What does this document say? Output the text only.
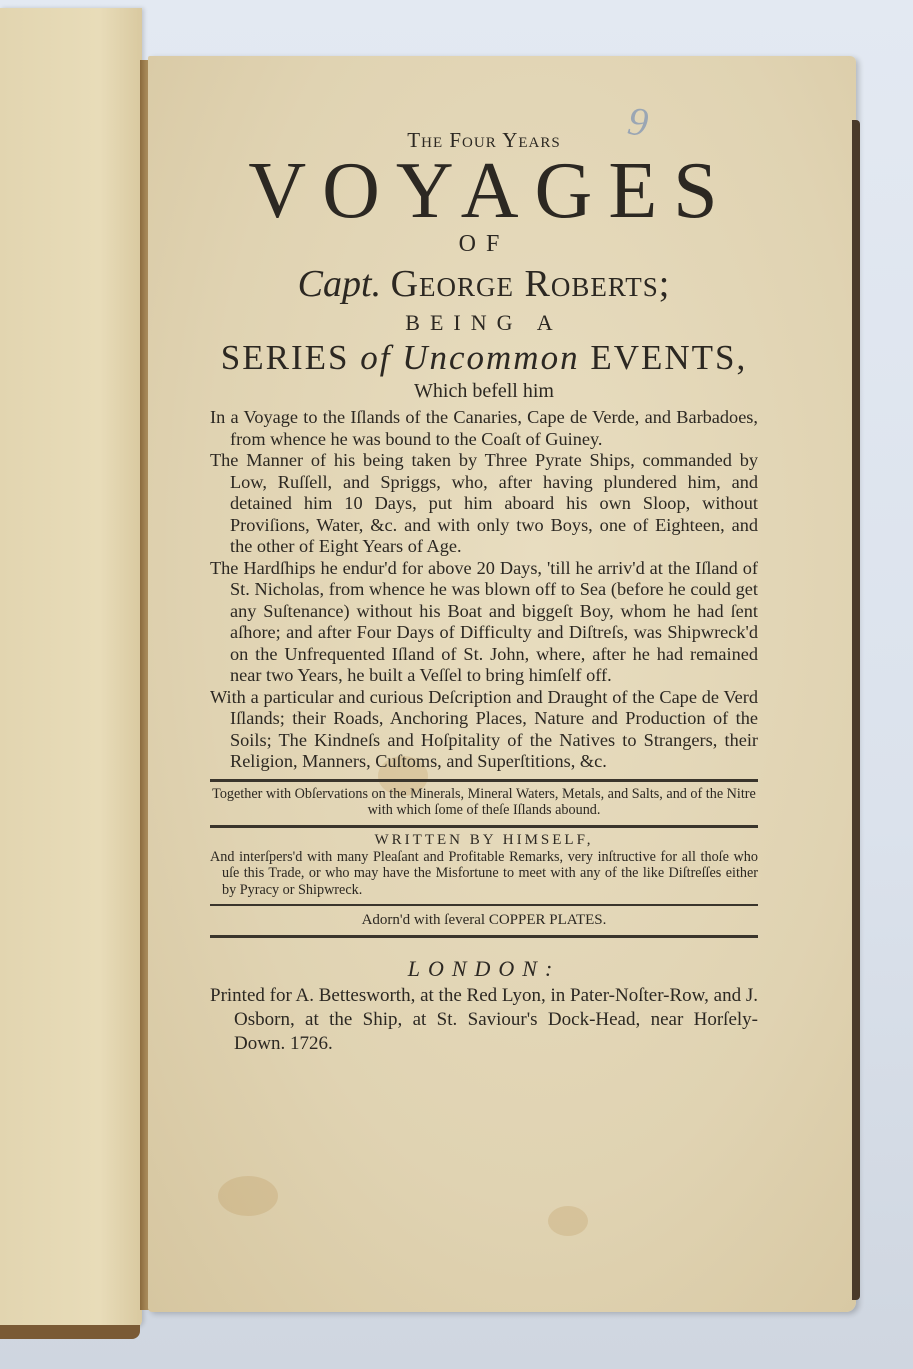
9
The Four Years
VOYAGES
OF
Capt. George Roberts;
BEING A
SERIES of Uncommon EVENTS,
Which befell him

In a Voyage to the Iſlands of the Canaries, Cape de Verde, and Barbadoes, from whence he was bound to the Coaſt of Guiney.

The Manner of his being taken by Three Pyrate Ships, commanded by Low, Ruſſell, and Spriggs, who, after having plundered him, and detained him 10 Days, put him aboard his own Sloop, without Proviſions, Water, &c. and with only two Boys, one of Eighteen, and the other of Eight Years of Age.

The Hardſhips he endur'd for above 20 Days, 'till he arriv'd at the Iſland of St. Nicholas, from whence he was blown off to Sea (before he could get any Suſtenance) without his Boat and biggeſt Boy, whom he had ſent aſhore; and after Four Days of Difficulty and Diſtreſs, was Shipwreck'd on the Unfrequented Iſland of St. John, where, after he had remained near two Years, he built a Veſſel to bring himſelf off.

With a particular and curious Deſcription and Draught of the Cape de Verd Iſlands; their Roads, Anchoring Places, Nature and Production of the Soils; The Kindneſs and Hoſpitality of the Natives to Strangers, their Religion, Manners, Cuſtoms, and Superſtitions, &c.

Together with Obſervations on the Minerals, Mineral Waters, Metals, and Salts, and of the Nitre with which ſome of theſe Iſlands abound.
WRITTEN BY HIMSELF,

And interſpers'd with many Pleaſant and Profitable Remarks, very inſtructive for all thoſe who uſe this Trade, or who may have the Misfortune to meet with any of the like Diſtreſſes either by Pyracy or Shipwreck.

Adorn'd with ſeveral COPPER PLATES.
LONDON:
Printed for A. Bettesworth, at the Red Lyon, in Pater-Noſter-Row, and J. Osborn, at the Ship, at St. Saviour's Dock-Head, near Horſely-Down. 1726.
